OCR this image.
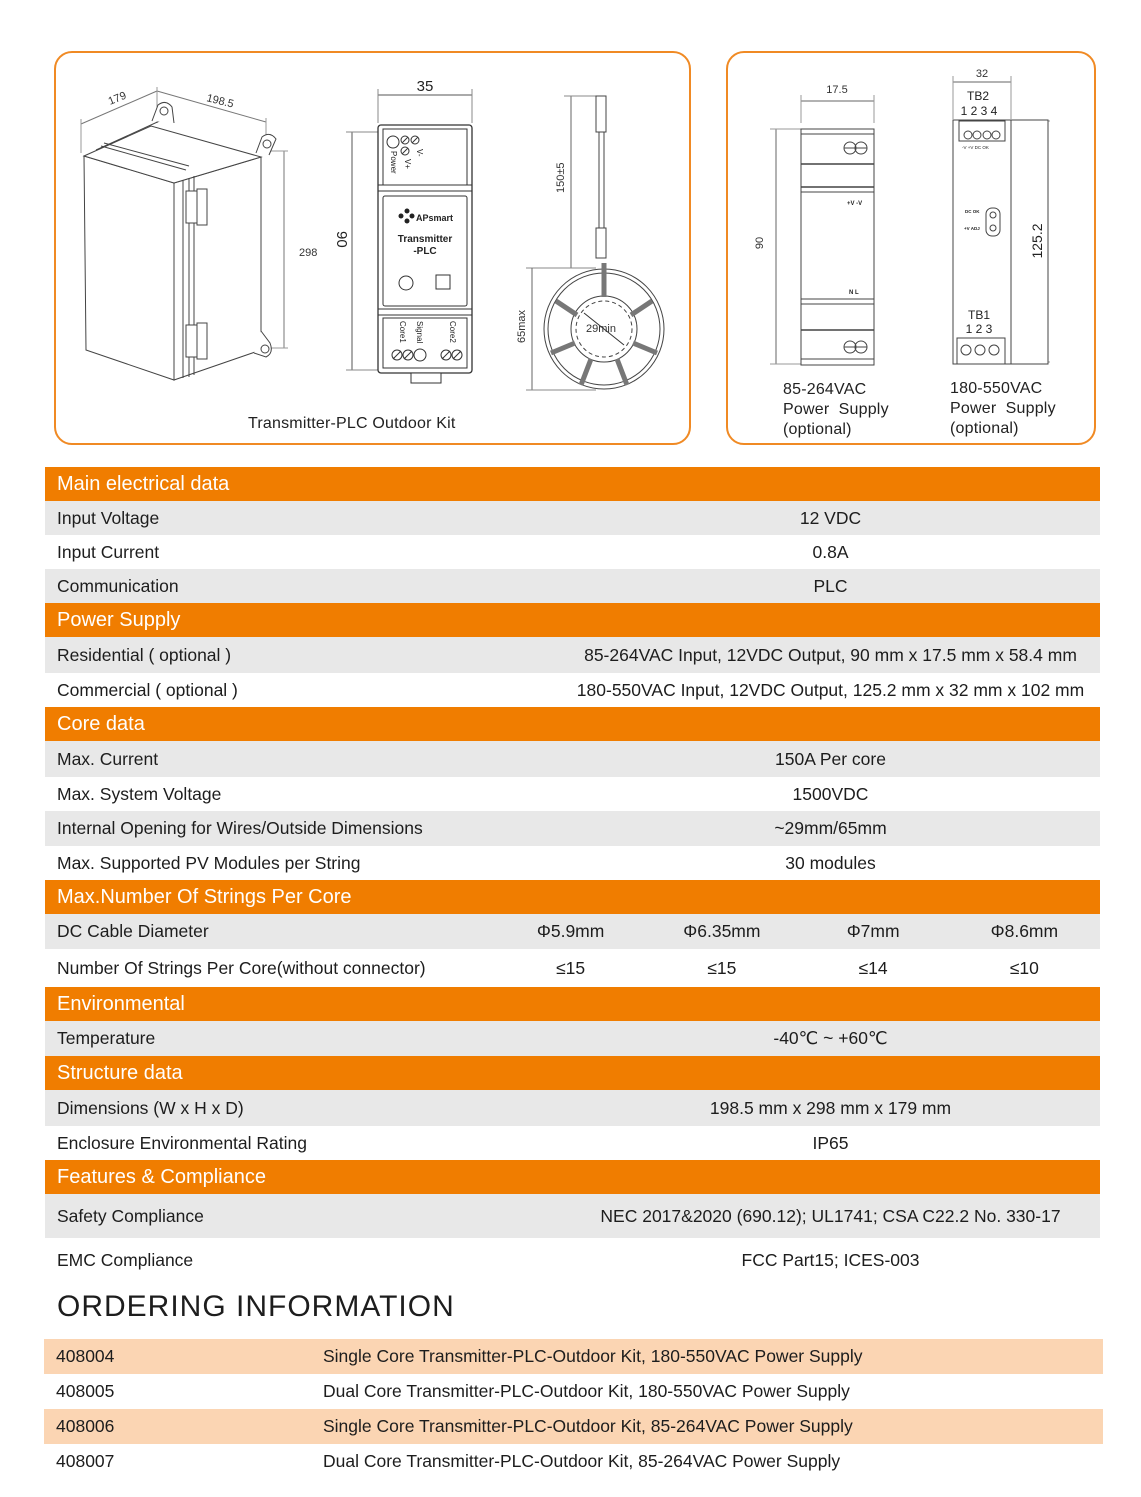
179	198.5
298
APsmart
Transmitter
-PLC
35
90
V-
V+
Power
Core1 Signal	Core2
150±5
65max	29min
Transmitter-PLC Outdoor Kit
17.5
90
+V -V
N L
32
125.2
TB2
1 2 3 4
-V +V DC OK
DC OK
+V ADJ
TB1
1 2 3
85-264VAC
Power  Supply
(optional)
180-550VAC
Power  Supply
(optional)
Main electrical data
Input Voltage	12 VDC
Input Current	0.8A
Communication	PLC
Power Supply
Residential ( optional )	85-264VAC Input, 12VDC Output, 90 mm x 17.5 mm x 58.4 mm
Commercial ( optional )	180-550VAC Input, 12VDC Output, 125.2 mm x 32 mm x 102 mm
Core data
Max. Current	150A Per core
Max. System Voltage	1500VDC
Internal Opening for Wires/Outside Dimensions	~29mm/65mm
Max. Supported PV Modules per String	30 modules
Max.Number Of Strings Per Core
DC Cable Diameter	Φ5.9mm	Φ6.35mm	Φ7mm	Φ8.6mm
Number Of Strings Per Core(without connector)	≤15	≤15	≤14	≤10
Environmental
Temperature	-40℃ ~ +60℃
Structure data
Dimensions (W x H x D)	198.5 mm x 298 mm x 179 mm
Enclosure Environmental Rating	IP65
Features & Compliance
Safety Compliance	NEC 2017&2020 (690.12); UL1741; CSA C22.2 No. 330-17
EMC Compliance	FCC Part15; ICES-003
ORDERING INFORMATION
408004	Single Core Transmitter-PLC-Outdoor Kit, 180-550VAC Power Supply
408005	Dual Core Transmitter-PLC-Outdoor Kit, 180-550VAC Power Supply
408006	Single Core Transmitter-PLC-Outdoor Kit, 85-264VAC Power Supply
408007	Dual Core Transmitter-PLC-Outdoor Kit, 85-264VAC Power Supply
